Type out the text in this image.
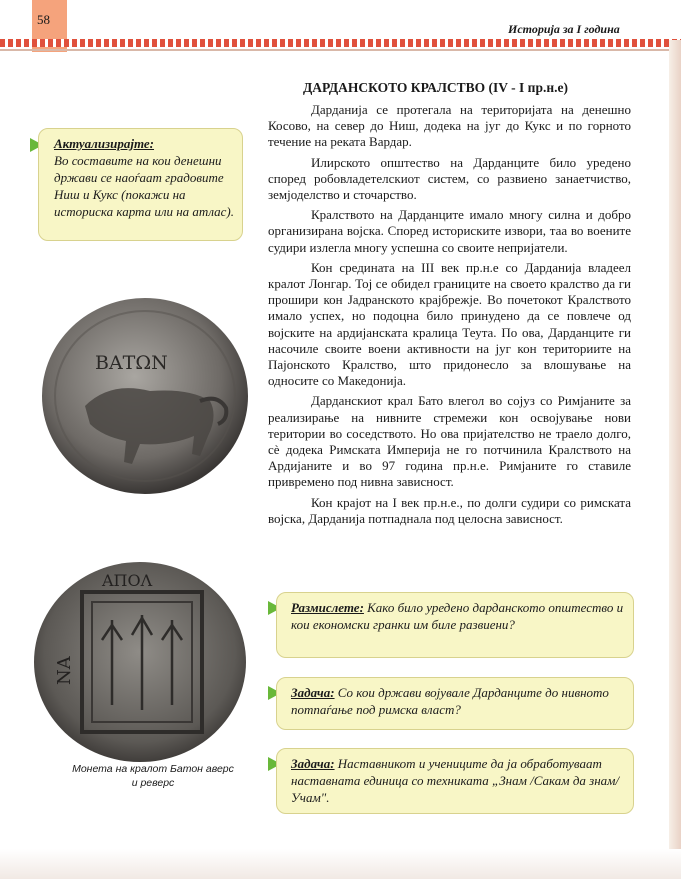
58
Историја за I година
Актуализирајте:
Во составите на кои денешни држави се наоѓаат градовите Ниш и Кукс (покажи на историска карта или на атлас).
ДАРДАНСКОТО КРАЛСТВО (IV - I пр.н.е)

Дарданија се протегала на територијата на денешно Косово, на север до Ниш, додека на југ до Кукс и по горното течение на реката Вардар.

Илирското општество на Дарданците било уредено според робовладетелскиот систем, со развиено занаетчиство, земјоделство и сточарство.

Кралството на Дарданците имало многу силна и добро организирана војска. Според историските извори, таа во воените судири излегла многу успешна со своите непријатели.

Кон средината на III век пр.н.е со Дарданија владеел кралот Лонгар. Тој се обидел границите на своето кралство да ги прошири кон Јадранското крајбрежје. Во почетокот Кралството имало успех, но подоцна било принудено да се повлече од војските на ардијанската кралица Теута. По ова, Дарданците ги насочиле своите воени активности на југ кон териториите на Пајонското Кралство, што придонесло за влошување на односите со Македонија.

Дарданскиот крал Бато влегол во сојуз со Римјаните за реализирање на нивните стремежи кон освојување нови територии во соседството. Но ова пријателство не траело долго, сè додека Римската Империја не го потчинила Кралството на Ардијаните и во 97 година пр.н.е. Римјаните го ставиле привремено под нивна зависност.

Кон крајот на I век пр.н.е., по долги судири со римската војска, Дарданија потпаднала под целосна зависност.

ΒΑΤΩΝ
ΑΠΟΛ
ΝΑ
Монета на кралот Батон аверс и реверс
Размислете: Како било уредено дарданското општество и кои економски гранки им биле развиени?
Задача: Со кои држави војувале Дарданците до нивното потпаѓање под римска власт?
Задача: Наставникот и учениците да ја обработуваат наставната единица со техниката „Знам /Сакам да знам/Учам".
